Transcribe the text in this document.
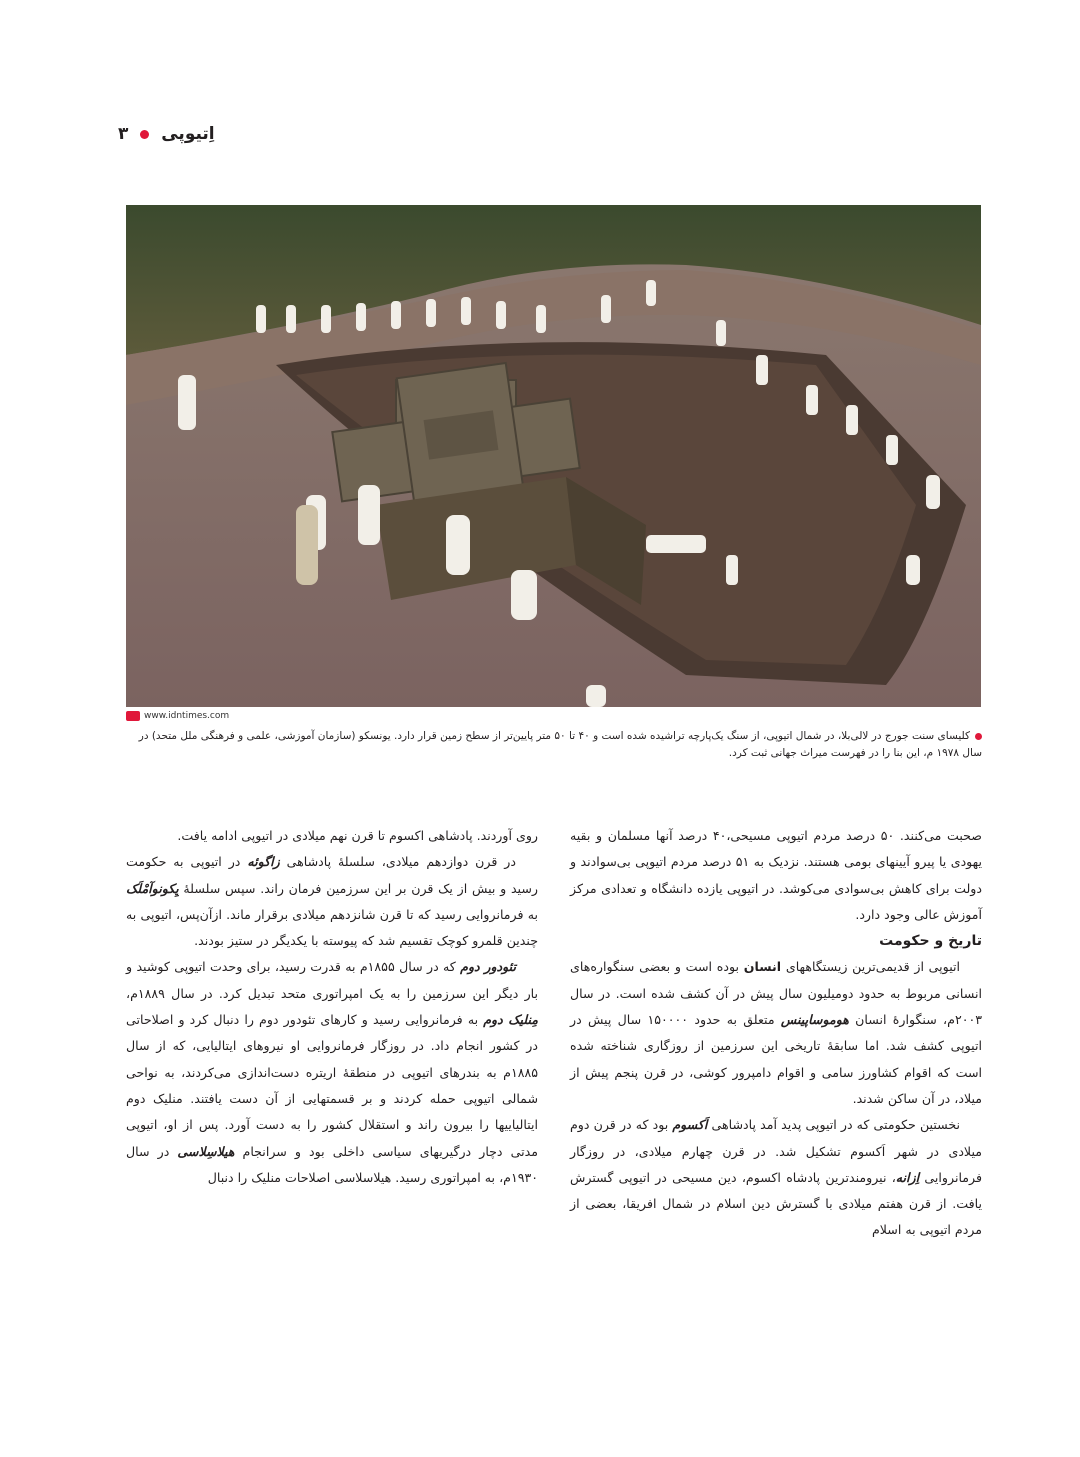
اِتیوپی  ۳
www.idntimes.com
کلیسای سنت جورج در لالی‌بلا، در شمال اتیوپی، از سنگ یک‌پارچه تراشیده شده است و ۴۰ تا ۵۰ متر پایین‌تر از سطح زمین قرار دارد. یونسکو (سازمان آموزشی، علمی و فرهنگی ملل متحد) در سال ۱۹۷۸ م، این بنا را در فهرست میراث جهانی ثبت کرد.

صحبت می‌کنند. ۵۰ درصد مردم اتیوپی مسیحی،۴۰ درصد آنها مسلمان و بقیه یهودی یا پیرو آیینهای بومی هستند. نزدیک به ۵۱ درصد مردم اتیوپی بی‌سوادند و دولت برای کاهش بی‌سوادی می‌کوشد. در اتیوپی یازده دانشگاه و تعدادی مرکز آموزش عالی وجود دارد.

تاریخ و حکومت

اتیوپی از قدیمی‌ترین زیستگاههای انسان بوده است و بعضی سنگواره‌های انسانی مربوط به حدود دومیلیون سال پیش در آن کشف شده است. در سال ۲۰۰۳م، سنگوارۀ انسان هوموساپینس متعلق به حدود ۱۵۰۰۰۰ سال پیش در اتیوپی کشف شد. اما سابقۀ تاریخی این سرزمین از روزگاری شناخته شده است که اقوام کشاورز سامی و اقوام دامپرور کوشی، در قرن پنجم پیش از میلاد، در آن ساکن شدند.

نخستین حکومتی که در اتیوپی پدید آمد پادشاهی اَکسوم بود که در قرن دوم میلادی در شهر اَکسوم تشکیل شد. در قرن چهارم میلادی، در روزگار فرمانروایی اِزانه، نیرومندترین پادشاه اکسوم، دین مسیحی در اتیوپی گسترش یافت. از قرن هفتم میلادی با گسترش دین اسلام در شمال افریقا، بعضی از مردم اتیوپی به اسلام

روی آوردند. پادشاهی اکسوم تا قرن نهم میلادی در اتیوپی ادامه یافت.

در قرن دوازدهم میلادی، سلسلۀ پادشاهی زاگوئه در اتیوپی به حکومت رسید و بیش از یک قرن بر این سرزمین فرمان راند. سپس سلسلۀ یِکونوآمْلَک به فرمانروایی رسید که تا قرن شانزدهم میلادی برقرار ماند. ازآن‌پس، اتیوپی به چندین قلمرو کوچک تقسیم شد که پیوسته با یکدیگر در ستیز بودند.

تئودور دوم که در سال ۱۸۵۵م به قدرت رسید، برای وحدت اتیوپی کوشید و بار دیگر این سرزمین را به یک امپراتوری متحد تبدیل کرد. در سال ۱۸۸۹م، مِنلیک دوم به فرمانروایی رسید و کارهای تئودور دوم را دنبال کرد و اصلاحاتی در کشور انجام داد. در روزگار فرمانروایی او نیروهای ایتالیایی، که از سال ۱۸۸۵م به بندرهای اتیوپی در منطقۀ اریتره دست‌اندازی می‌کردند، به نواحی شمالی اتیوپی حمله کردند و بر قسمتهایی از آن دست یافتند. منلیک دوم ایتالیاییها را بیرون راند و استقلال کشور را به دست آورد. پس از او، اتیوپی مدتی دچار درگیریهای سیاسی داخلی بود و سرانجام هیلاسِلاسی در سال ۱۹۳۰م، به امپراتوری رسید. هیلاسلاسی اصلاحات منلیک را دنبال
